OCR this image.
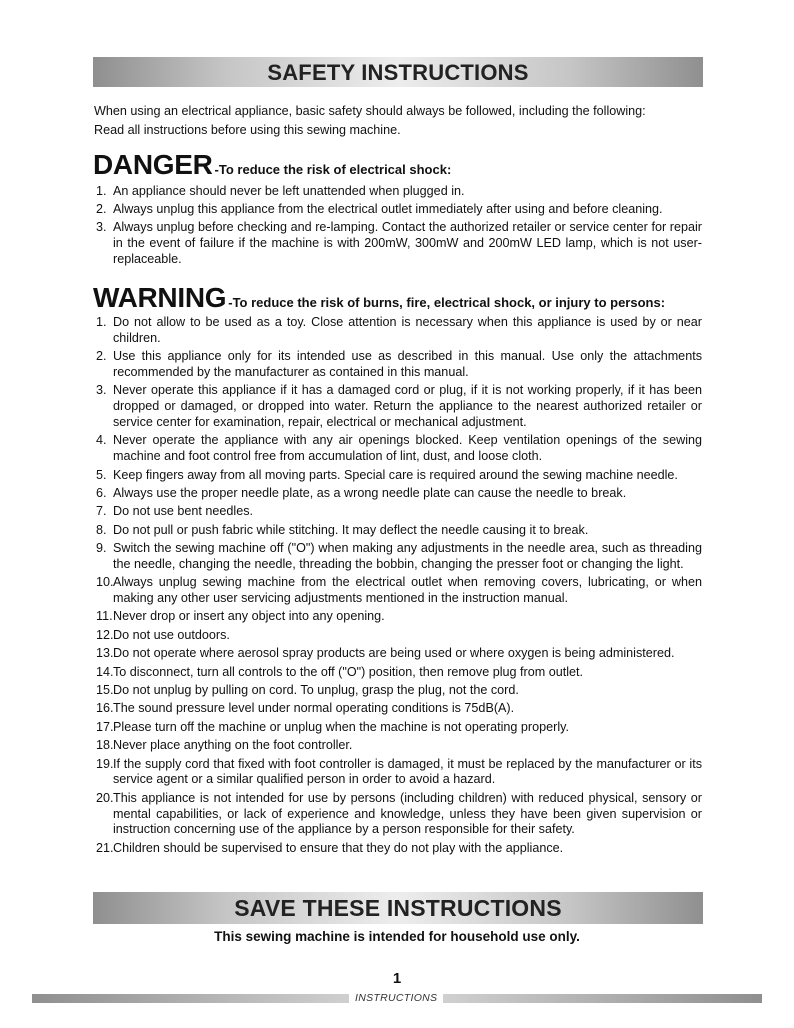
SAFETY INSTRUCTIONS
When using an electrical appliance, basic safety should always be followed, including the following:
Read all instructions before using this sewing machine.
DANGER -To reduce the risk of electrical shock:
1. An appliance should never be left unattended when plugged in.
2. Always unplug this appliance from the electrical outlet immediately after using and before cleaning.
3. Always unplug before checking and re-lamping. Contact the authorized retailer or service center for repair in the event of failure if the machine is with 200mW, 300mW and 200mW LED lamp, which is not user-replaceable.
WARNING -To reduce the risk of burns, fire, electrical shock, or injury to persons:
1. Do not allow to be used as a toy. Close attention is necessary when this appliance is used by or near children.
2. Use this appliance only for its intended use as described in this manual. Use only the attachments recommended by the manufacturer as contained in this manual.
3. Never operate this appliance if it has a damaged cord or plug, if it is not working properly, if it has been dropped or damaged, or dropped into water. Return the appliance to the nearest authorized retailer or service center for examination, repair, electrical or mechanical adjustment.
4. Never operate the appliance with any air openings blocked. Keep ventilation openings of the sewing machine and foot control free from accumulation of lint, dust, and loose cloth.
5. Keep fingers away from all moving parts. Special care is required around the sewing machine needle.
6. Always use the proper needle plate, as a wrong needle plate can cause the needle to break.
7. Do not use bent needles.
8. Do not pull or push fabric while stitching. It may deflect the needle causing it to break.
9. Switch the sewing machine off ("O") when making any adjustments in the needle area, such as threading the needle, changing the needle, threading the bobbin, changing the presser foot or changing the light.
10. Always unplug sewing machine from the electrical outlet when removing covers, lubricating, or when making any other user servicing adjustments mentioned in the instruction manual.
11. Never drop or insert any object into any opening.
12. Do not use outdoors.
13. Do not operate where aerosol spray products are being used or where oxygen is being administered.
14. To disconnect, turn all controls to the off ("O") position, then remove plug from outlet.
15. Do not unplug by pulling on cord. To unplug, grasp the plug, not the cord.
16. The sound pressure level under normal operating conditions is 75dB(A).
17. Please turn off the machine or unplug when the machine is not operating properly.
18. Never place anything on the foot controller.
19. If the supply cord that fixed with foot controller is damaged, it must be replaced by the manufacturer or its service agent or a similar qualified person in order to avoid a hazard.
20. This appliance is not intended for use by persons (including children) with reduced physical, sensory or mental capabilities, or lack of experience and knowledge, unless they have been given supervision or instruction concerning use of the appliance by a person responsible for their safety.
21. Children should be supervised to ensure that they do not play with the appliance.
SAVE THESE INSTRUCTIONS
This sewing machine is intended for household use only.
1
INSTRUCTIONS
